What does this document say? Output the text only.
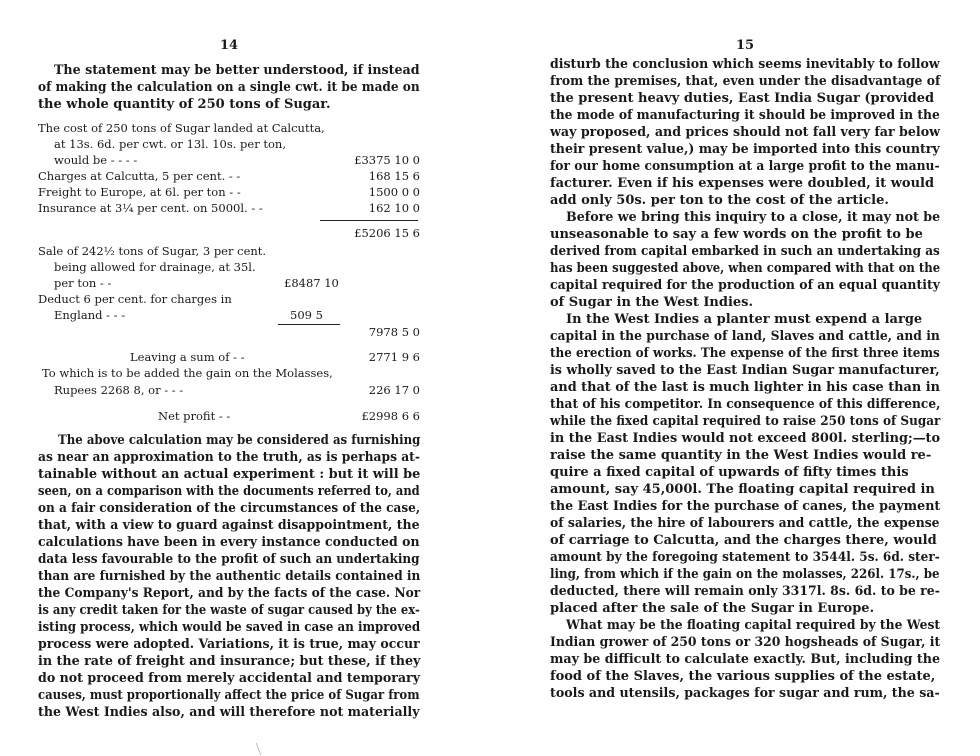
14
The statement may be better understood, if instead
of making the calculation on a single cwt. it be made on
the whole quantity of 250 tons of Sugar.
The cost of 250 tons of Sugar landed at Calcutta,
at 13s. 6d. per cwt. or 13l. 10s. per ton,
would be - - - -	£3375 10 0
Charges at Calcutta, 5 per cent. - -	168 15 6
Freight to Europe, at 6l. per ton - -	1500 0 0
Insurance at 3¼ per cent. on 5000l. - -	162 10 0
£5206 15 6
Sale of 242½ tons of Sugar, 3 per cent.
being allowed for drainage, at 35l.
per ton - -	£8487 10
Deduct 6 per cent. for charges in
England - - -	509 5
7978 5 0
Leaving a sum of - -	2771 9 6
To which is to be added the gain on the Molasses,
Rupees 2268 8, or - - -	226 17 0
Net profit - -	£2998 6 6
The above calculation may be considered as furnishing
as near an approximation to the truth, as is perhaps at-
tainable without an actual experiment : but it will be
seen, on a comparison with the documents referred to, and
on a fair consideration of the circumstances of the case,
that, with a view to guard against disappointment, the
calculations have been in every instance conducted on
data less favourable to the profit of such an undertaking
than are furnished by the authentic details contained in
the Company's Report, and by the facts of the case. Nor
is any credit taken for the waste of sugar caused by the ex-
isting process, which would be saved in case an improved
process were adopted. Variations, it is true, may occur
in the rate of freight and insurance; but these, if they
do not proceed from merely accidental and temporary
causes, must proportionally affect the price of Sugar from
the West Indies also, and will therefore not materially
15
disturb the conclusion which seems inevitably to follow
from the premises, that, even under the disadvantage of
the present heavy duties, East India Sugar (provided
the mode of manufacturing it should be improved in the
way proposed, and prices should not fall very far below
their present value,) may be imported into this country
for our home consumption at a large profit to the manu-
facturer. Even if his expenses were doubled, it would
add only 50s. per ton to the cost of the article.
Before we bring this inquiry to a close, it may not be
unseasonable to say a few words on the profit to be
derived from capital embarked in such an undertaking as
has been suggested above, when compared with that on the
capital required for the production of an equal quantity
of Sugar in the West Indies.
In the West Indies a planter must expend a large
capital in the purchase of land, Slaves and cattle, and in
the erection of works. The expense of the first three items
is wholly saved to the East Indian Sugar manufacturer,
and that of the last is much lighter in his case than in
that of his competitor. In consequence of this difference,
while the fixed capital required to raise 250 tons of Sugar
in the East Indies would not exceed 800l. sterling;—to
raise the same quantity in the West Indies would re-
quire a fixed capital of upwards of fifty times this
amount, say 45,000l. The floating capital required in
the East Indies for the purchase of canes, the payment
of salaries, the hire of labourers and cattle, the expense
of carriage to Calcutta, and the charges there, would
amount by the foregoing statement to 3544l. 5s. 6d. ster-
ling, from which if the gain on the molasses, 226l. 17s., be
deducted, there will remain only 3317l. 8s. 6d. to be re-
placed after the sale of the Sugar in Europe.
What may be the floating capital required by the West
Indian grower of 250 tons or 320 hogsheads of Sugar, it
may be difficult to calculate exactly. But, including the
food of the Slaves, the various supplies of the estate,
tools and utensils, packages for sugar and rum, the sa-
